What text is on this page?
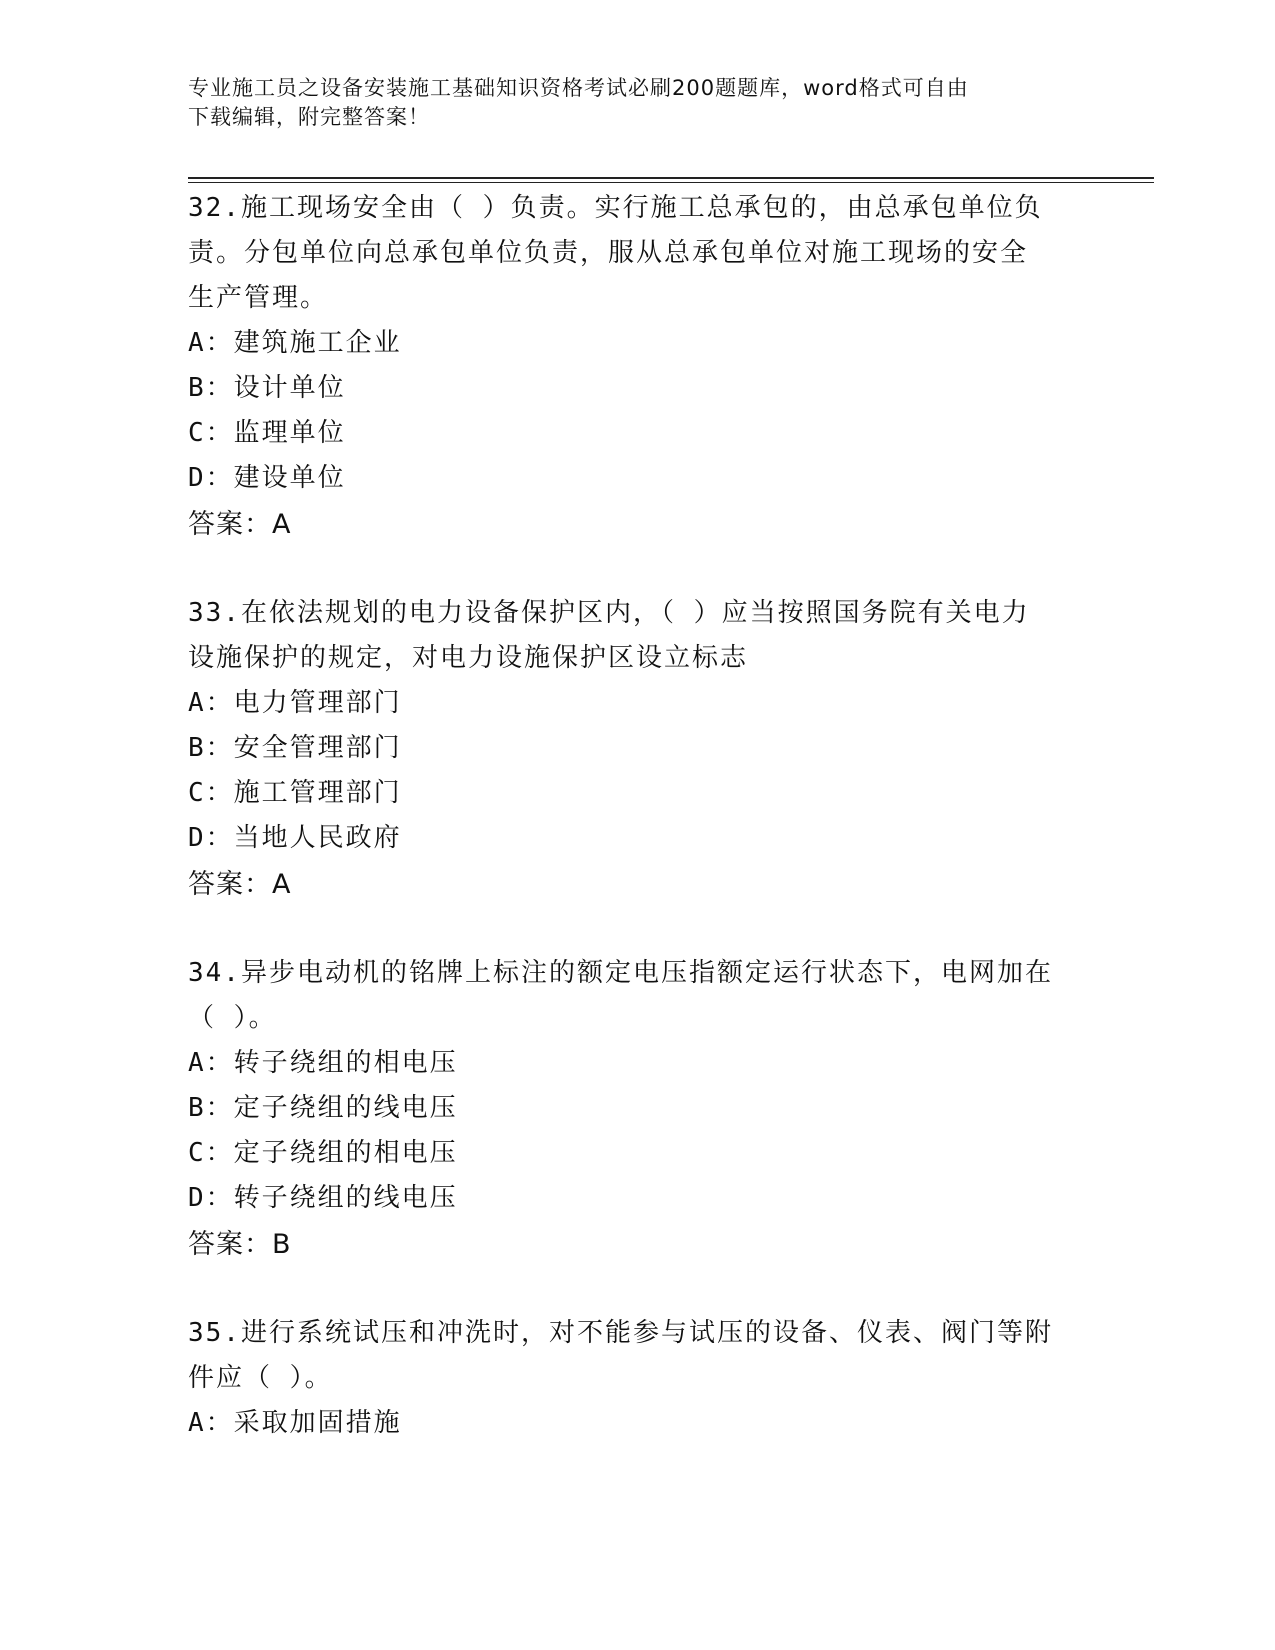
专业施工员之设备安装施工基础知识资格考试必刷200题题库，word格式可自由
下载编辑，附完整答案！

32.施工现场安全由（ ）负责。实行施工总承包的，由总承包单位负

责。分包单位向总承包单位负责，服从总承包单位对施工现场的安全

生产管理。

A：建筑施工企业

B：设计单位

C：监理单位

D：建设单位

答案：A

33.在依法规划的电力设备保护区内，（ ）应当按照国务院有关电力

设施保护的规定，对电力设施保护区设立标志

A：电力管理部门

B：安全管理部门

C：施工管理部门

D：当地人民政府

答案：A

34.异步电动机的铭牌上标注的额定电压指额定运行状态下，电网加在

（ ）。

A：转子绕组的相电压

B：定子绕组的线电压

C：定子绕组的相电压

D：转子绕组的线电压

答案：B

35.进行系统试压和冲洗时，对不能参与试压的设备、仪表、阀门等附

件应（ ）。

A：采取加固措施
